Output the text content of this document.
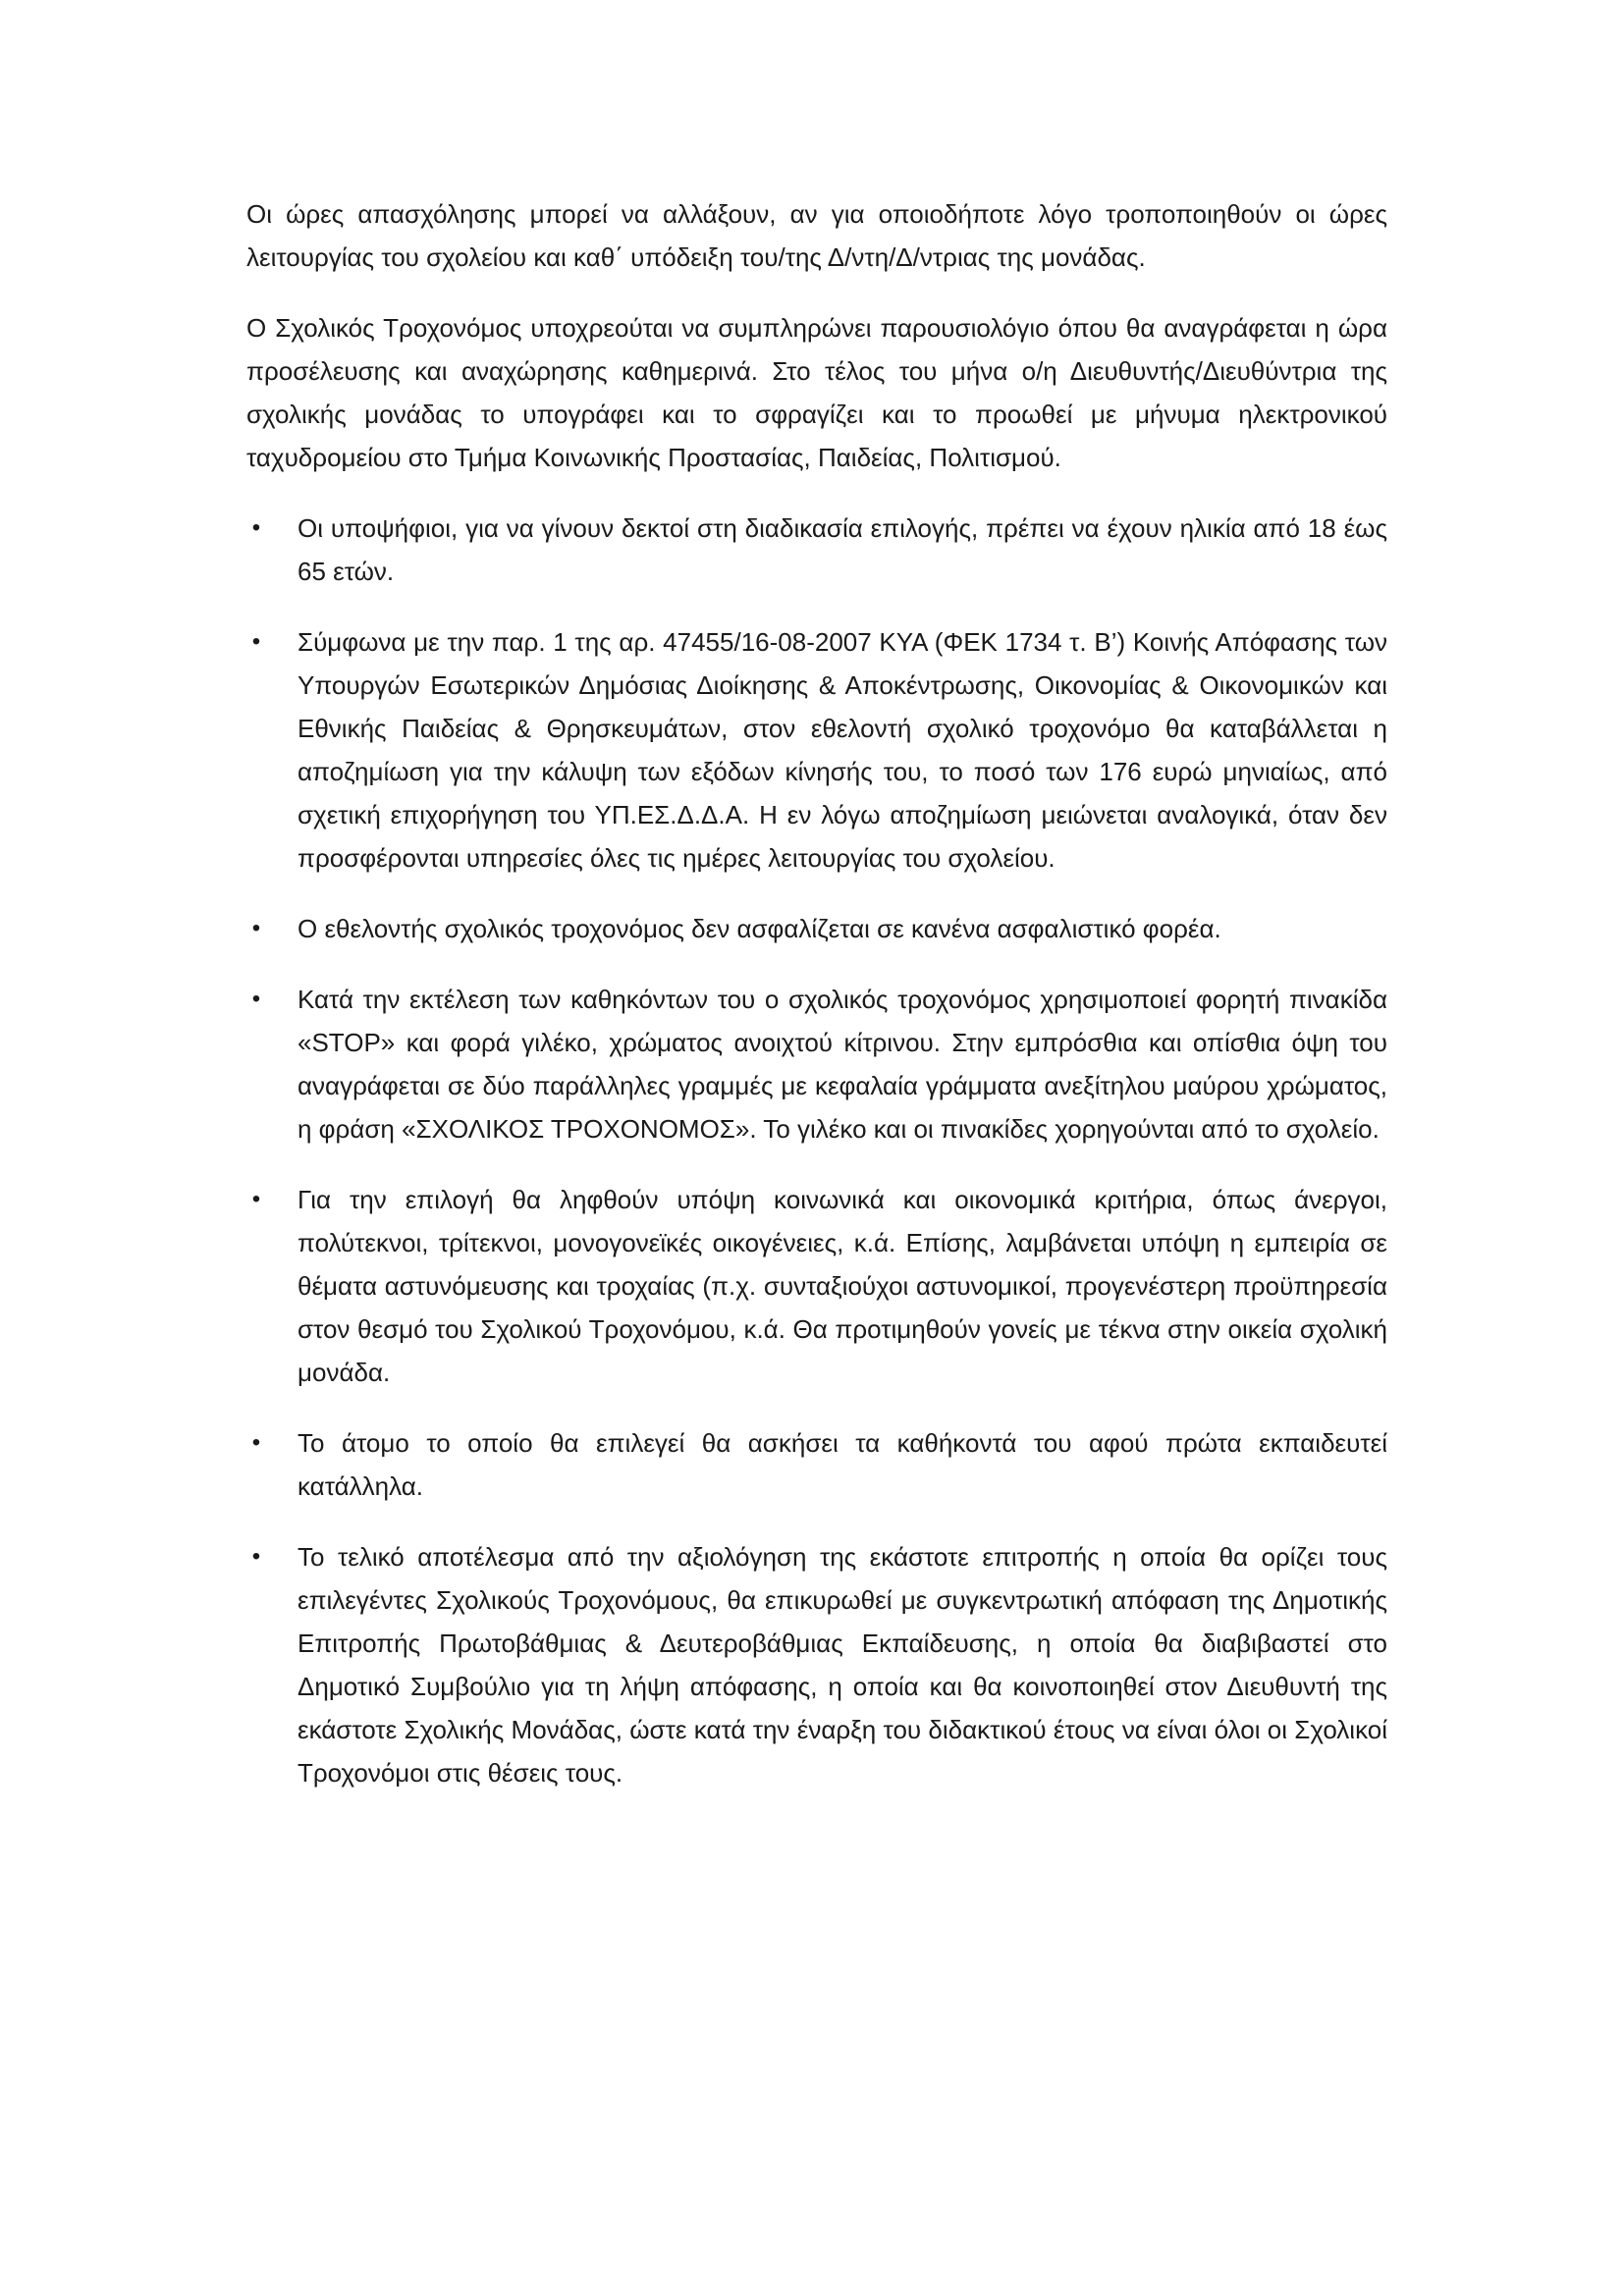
Οι ώρες απασχόλησης μπορεί να αλλάξουν, αν για οποιοδήποτε λόγο τροποποιηθούν οι ώρες λειτουργίας του σχολείου και καθ΄ υπόδειξη του/της Δ/ντη/Δ/ντριας της μονάδας.

Ο Σχολικός Τροχονόμος υποχρεούται να συμπληρώνει παρουσιολόγιο όπου θα αναγράφεται η ώρα προσέλευσης και αναχώρησης καθημερινά. Στο τέλος του μήνα ο/η Διευθυντής/Διευθύντρια της σχολικής μονάδας το υπογράφει και το σφραγίζει και το προωθεί με μήνυμα ηλεκτρονικού ταχυδρομείου στο Τμήμα Κοινωνικής Προστασίας, Παιδείας, Πολιτισμού.

• Οι υποψήφιοι, για να γίνουν δεκτοί στη διαδικασία επιλογής, πρέπει να έχουν ηλικία από 18 έως 65 ετών.
• Σύμφωνα με την παρ. 1 της αρ. 47455/16-08-2007 ΚΥΑ (ΦΕΚ 1734 τ. Β’) Κοινής Απόφασης των Υπουργών Εσωτερικών Δημόσιας Διοίκησης & Αποκέντρωσης, Οικονομίας & Οικονομικών και Εθνικής Παιδείας & Θρησκευμάτων, στον εθελοντή σχολικό τροχονόμο θα καταβάλλεται η αποζημίωση για την κάλυψη των εξόδων κίνησής του, το ποσό των 176 ευρώ μηνιαίως, από σχετική επιχορήγηση του ΥΠ.ΕΣ.Δ.Δ.Α. Η εν λόγω αποζημίωση μειώνεται αναλογικά, όταν δεν προσφέρονται υπηρεσίες όλες τις ημέρες λειτουργίας του σχολείου.
• Ο εθελοντής σχολικός τροχονόμος δεν ασφαλίζεται σε κανένα ασφαλιστικό φορέα.
• Κατά την εκτέλεση των καθηκόντων του ο σχολικός τροχονόμος χρησιμοποιεί φορητή πινακίδα «STOP» και φορά γιλέκο, χρώματος ανοιχτού κίτρινου. Στην εμπρόσθια και οπίσθια όψη του αναγράφεται σε δύο παράλληλες γραμμές με κεφαλαία γράμματα ανεξίτηλου μαύρου χρώματος, η φράση «ΣΧΟΛΙΚΟΣ ΤΡΟΧΟΝΟΜΟΣ». Το γιλέκο και οι πινακίδες χορηγούνται από το σχολείο.
• Για την επιλογή θα ληφθούν υπόψη κοινωνικά και οικονομικά κριτήρια, όπως άνεργοι, πολύτεκνοι, τρίτεκνοι, μονογονεϊκές οικογένειες, κ.ά. Επίσης, λαμβάνεται υπόψη η εμπειρία σε θέματα αστυνόμευσης και τροχαίας (π.χ. συνταξιούχοι αστυνομικοί, προγενέστερη προϋπηρεσία στον θεσμό του Σχολικού Τροχονόμου, κ.ά. Θα προτιμηθούν γονείς με τέκνα στην οικεία σχολική μονάδα.
• Το άτομο το οποίο θα επιλεγεί θα ασκήσει τα καθήκοντά του αφού πρώτα εκπαιδευτεί κατάλληλα.
• Το τελικό αποτέλεσμα από την αξιολόγηση της εκάστοτε επιτροπής η οποία θα ορίζει τους επιλεγέντες Σχολικούς Τροχονόμους, θα επικυρωθεί με συγκεντρωτική απόφαση της Δημοτικής Επιτροπής Πρωτοβάθμιας & Δευτεροβάθμιας Εκπαίδευσης, η οποία θα διαβιβαστεί στο Δημοτικό Συμβούλιο για τη λήψη απόφασης, η οποία και θα κοινοποιηθεί στον Διευθυντή της εκάστοτε Σχολικής Μονάδας, ώστε κατά την έναρξη του διδακτικού έτους να είναι όλοι οι Σχολικοί Τροχονόμοι στις θέσεις τους.
